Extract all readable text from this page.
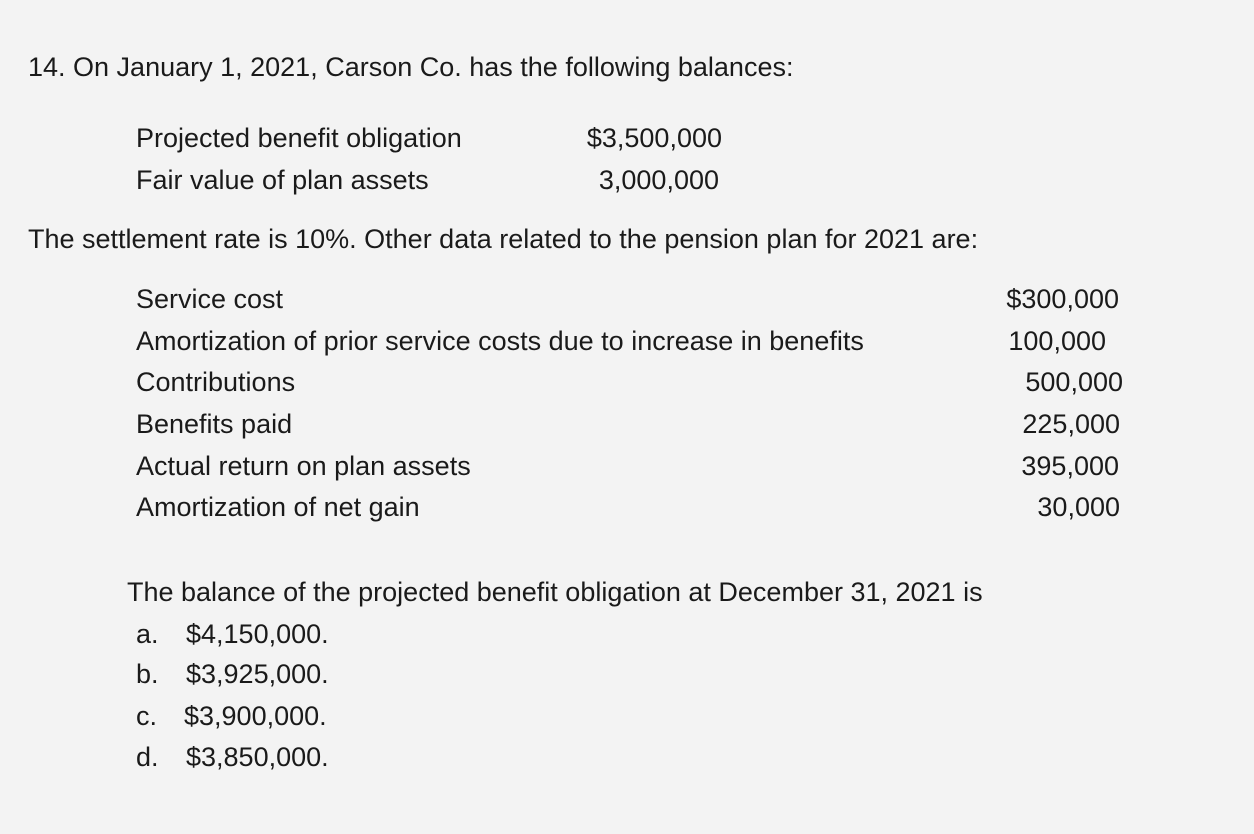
14. On January 1, 2021, Carson Co. has the following balances:
Projected benefit obligation	$3,500,000
Fair value of plan assets	3,000,000
The settlement rate is 10%. Other data related to the pension plan for 2021 are:
Service cost	$300,000
Amortization of prior service costs due to increase in benefits	100,000
Contributions	500,000
Benefits paid	225,000
Actual return on plan assets	395,000
Amortization of net gain	30,000
The balance of the projected benefit obligation at December 31, 2021 is
a. $4,150,000.
b. $3,925,000.
c. $3,900,000.
d. $3,850,000.
